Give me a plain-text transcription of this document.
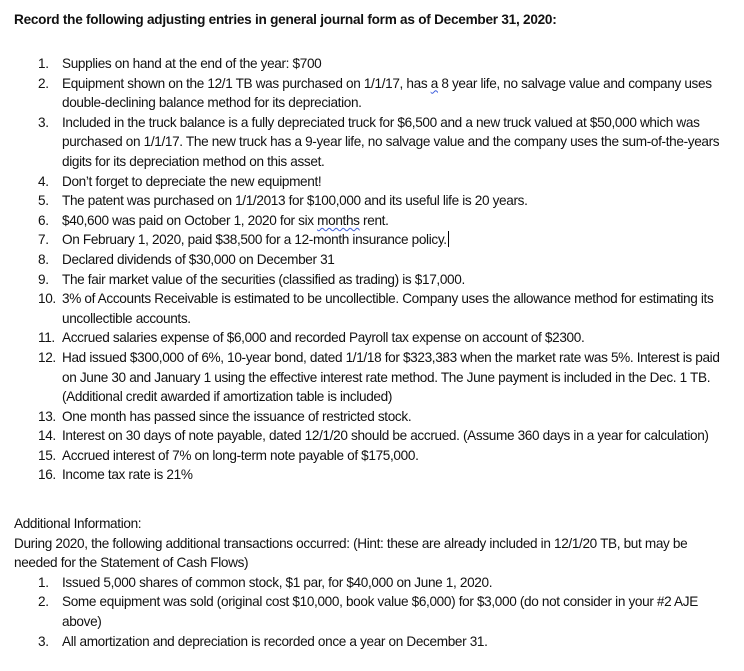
Record the following adjusting entries in general journal form as of December 31, 2020:
1. Supplies on hand at the end of the year: $700
2. Equipment shown on the 12/1 TB was purchased on 1/1/17, has a 8 year life, no salvage value and company uses double-declining balance method for its depreciation.
3. Included in the truck balance is a fully depreciated truck for $6,500 and a new truck valued at $50,000 which was purchased on 1/1/17. The new truck has a 9-year life, no salvage value and the company uses the sum-of-the-years digits for its depreciation method on this asset.
4. Don’t forget to depreciate the new equipment!
5. The patent was purchased on 1/1/2013 for $100,000 and its useful life is 20 years.
6. $40,600 was paid on October 1, 2020 for six months rent.
7. On February 1, 2020, paid $38,500 for a 12-month insurance policy.
8. Declared dividends of $30,000 on December 31
9. The fair market value of the securities (classified as trading) is $17,000.
10. 3% of Accounts Receivable is estimated to be uncollectible. Company uses the allowance method for estimating its uncollectible accounts.
11. Accrued salaries expense of $6,000 and recorded Payroll tax expense on account of $2300.
12. Had issued $300,000 of 6%, 10-year bond, dated 1/1/18 for $323,383 when the market rate was 5%. Interest is paid on June 30 and January 1 using the effective interest rate method. The June payment is included in the Dec. 1 TB. (Additional credit awarded if amortization table is included)
13. One month has passed since the issuance of restricted stock.
14. Interest on 30 days of note payable, dated 12/1/20 should be accrued. (Assume 360 days in a year for calculation)
15. Accrued interest of 7% on long-term note payable of $175,000.
16. Income tax rate is 21%

Additional Information:

During 2020, the following additional transactions occurred: (Hint: these are already included in 12/1/20 TB, but may be needed for the Statement of Cash Flows)

1. Issued 5,000 shares of common stock, $1 par, for $40,000 on June 1, 2020.
2. Some equipment was sold (original cost $10,000, book value $6,000) for $3,000 (do not consider in your #2 AJE above)
3. All amortization and depreciation is recorded once a year on December 31.
